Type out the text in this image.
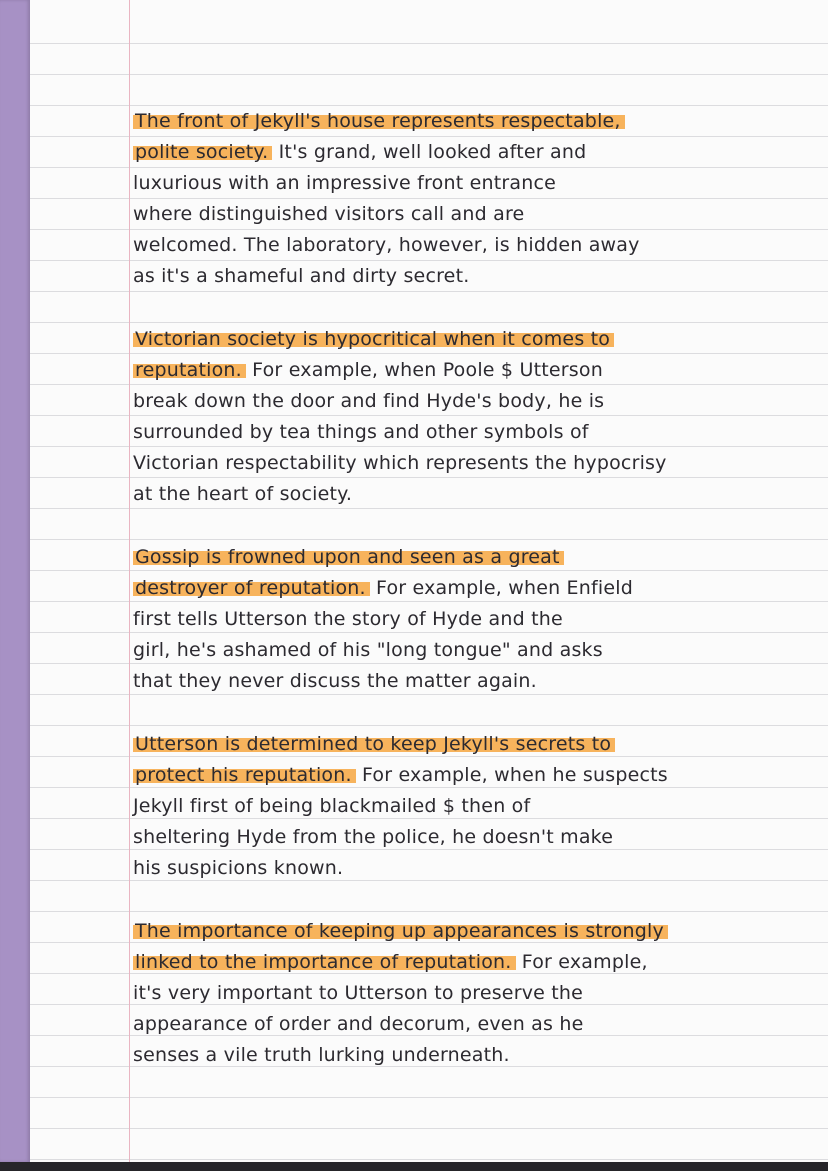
The front of Jekyll's house represents respectable,
polite society. It's grand, well looked after and
luxurious with an impressive front entrance
where distinguished visitors call and are
welcomed. The laboratory, however, is hidden away
as it's a shameful and dirty secret.
Victorian society is hypocritical when it comes to
reputation. For example, when Poole $ Utterson
break down the door and find Hyde's body, he is
surrounded by tea things and other symbols of
Victorian respectability which represents the hypocrisy
at the heart of society.
Gossip is frowned upon and seen as a great
destroyer of reputation. For example, when Enfield
first tells Utterson the story of Hyde and the
girl, he's ashamed of his "long tongue" and asks
that they never discuss the matter again.
Utterson is determined to keep Jekyll's secrets to
protect his reputation. For example, when he suspects
Jekyll first of being blackmailed $ then of
sheltering Hyde from the police, he doesn't make
his suspicions known.
The importance of keeping up appearances is strongly
linked to the importance of reputation. For example,
it's very important to Utterson to preserve the
appearance of order and decorum, even as he
senses a vile truth lurking underneath.
